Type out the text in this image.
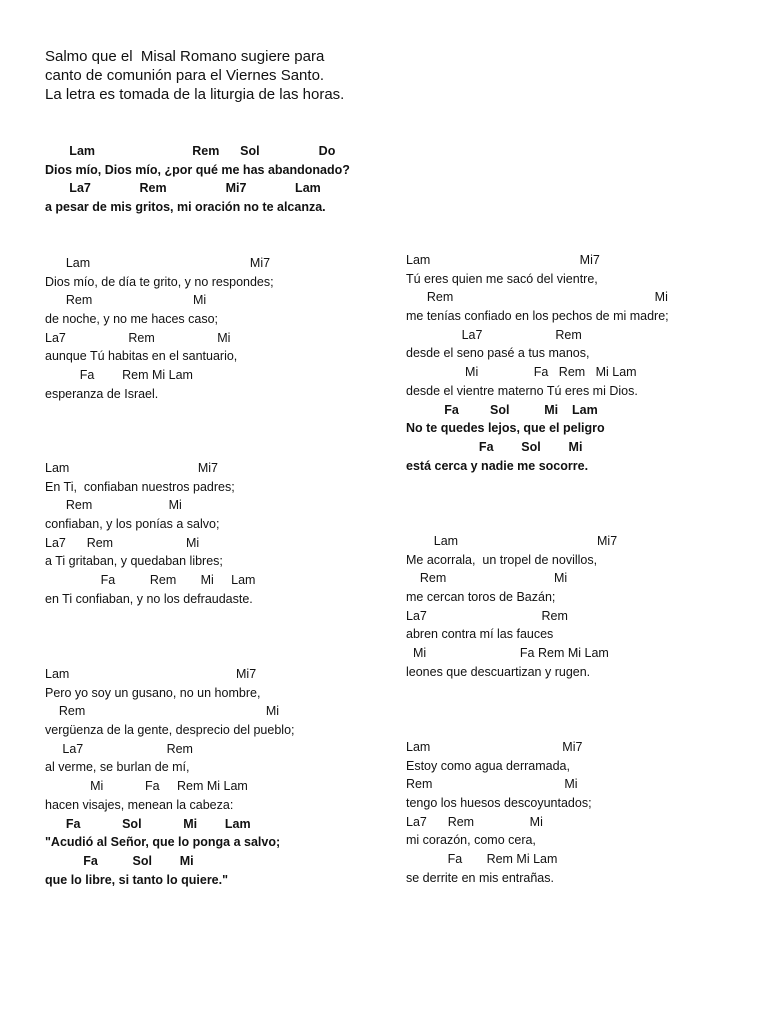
Salmo que el  Misal Romano sugiere para
canto de comunión para el Viernes Santo.
La letra es tomada de la liturgia de las horas.
Lam                            Rem      Sol                 Do
Dios mío, Dios mío, ¿por qué me has abandonado?
La7              Rem                 Mi7              Lam
a pesar de mis gritos, mi oración no te alcanza.
Lam                                              Mi7
Dios mío, de día te grito, y no respondes;
Rem                             Mi
de noche, y no me haces caso;
La7                  Rem                  Mi
aunque Tú habitas en el santuario,
Fa        Rem Mi Lam
esperanza de Israel.
Lam                                     Mi7
En Ti,  confiaban nuestros padres;
Rem                      Mi
confiaban, y los ponías a salvo;
La7      Rem                     Mi
a Ti gritaban, y quedaban libres;
Fa          Rem       Mi     Lam
en Ti confiaban, y no los defraudaste.
Lam                                                Mi7
Pero yo soy un gusano, no un hombre,
Rem                                                    Mi
vergüenza de la gente, desprecio del pueblo;
La7                        Rem
al verme, se burlan de mí,
Mi            Fa     Rem Mi Lam
hacen visajes, menean la cabeza:
Fa            Sol            Mi        Lam
"Acudió al Señor, que lo ponga a salvo;
Fa          Sol        Mi
que lo libre, si tanto lo quiere."
Lam                                           Mi7
Tú eres quien me sacó del vientre,
Rem                                                          Mi
me tenías confiado en los pechos de mi madre;
La7                     Rem
desde el seno pasé a tus manos,
Mi                Fa   Rem   Mi Lam
desde el vientre materno Tú eres mi Dios.
Fa         Sol          Mi    Lam
No te quedes lejos, que el peligro
Fa        Sol        Mi
está cerca y nadie me socorre.
Lam                                        Mi7
Me acorrala,  un tropel de novillos,
Rem                               Mi
me cercan toros de Bazán;
La7                                 Rem
abren contra mí las fauces
Mi                           Fa Rem Mi Lam
leones que descuartizan y rugen.
Lam                                      Mi7
Estoy como agua derramada,
Rem                                      Mi
tengo los huesos descoyuntados;
La7      Rem                Mi
mi corazón, como cera,
Fa       Rem Mi Lam
se derrite en mis entrañas.
